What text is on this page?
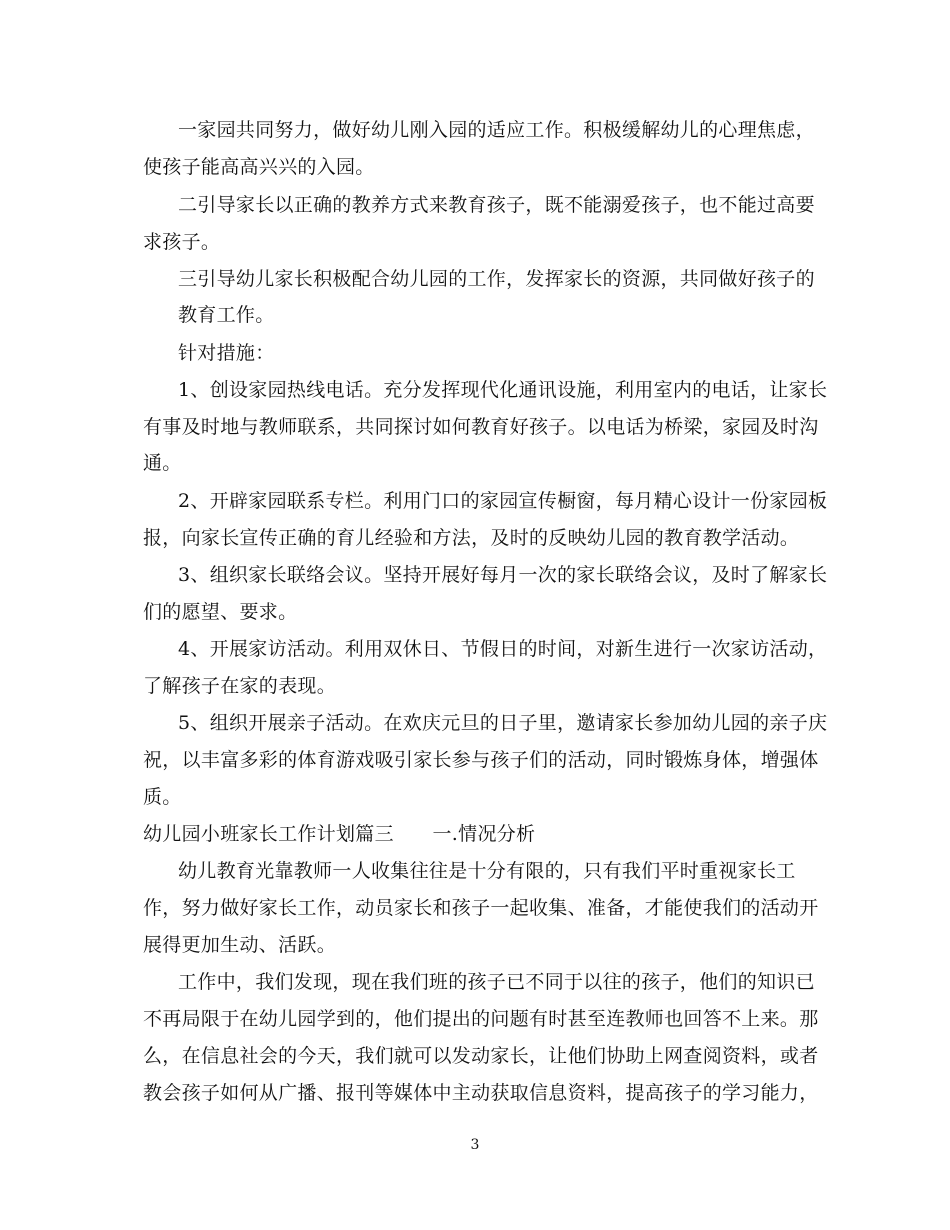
一家园共同努力，做好幼儿刚入园的适应工作。积极缓解幼儿的心理焦虑，
使孩子能高高兴兴的入园。
二引导家长以正确的教养方式来教育孩子，既不能溺爱孩子，也不能过高要
求孩子。
三引导幼儿家长积极配合幼儿园的工作，发挥家长的资源，共同做好孩子的
教育工作。
针对措施：
1、创设家园热线电话。充分发挥现代化通讯设施，利用室内的电话，让家长
有事及时地与教师联系，共同探讨如何教育好孩子。以电话为桥梁，家园及时沟
通。
2、开辟家园联系专栏。利用门口的家园宣传橱窗，每月精心设计一份家园板
报，向家长宣传正确的育儿经验和方法，及时的反映幼儿园的教育教学活动。
3、组织家长联络会议。坚持开展好每月一次的家长联络会议，及时了解家长
们的愿望、要求。
4、开展家访活动。利用双休日、节假日的时间，对新生进行一次家访活动，
了解孩子在家的表现。
5、组织开展亲子活动。在欢庆元旦的日子里，邀请家长参加幼儿园的亲子庆
祝，以丰富多彩的体育游戏吸引家长参与孩子们的活动，同时锻炼身体，增强体
质。
幼儿园小班家长工作计划篇三　　一.情况分析
幼儿教育光靠教师一人收集往往是十分有限的，只有我们平时重视家长工
作，努力做好家长工作，动员家长和孩子一起收集、准备，才能使我们的活动开
展得更加生动、活跃。
工作中，我们发现，现在我们班的孩子已不同于以往的孩子，他们的知识已
不再局限于在幼儿园学到的，他们提出的问题有时甚至连教师也回答不上来。那
么，在信息社会的今天，我们就可以发动家长，让他们协助上网查阅资料，或者
教会孩子如何从广播、报刊等媒体中主动获取信息资料，提高孩子的学习能力，
3
